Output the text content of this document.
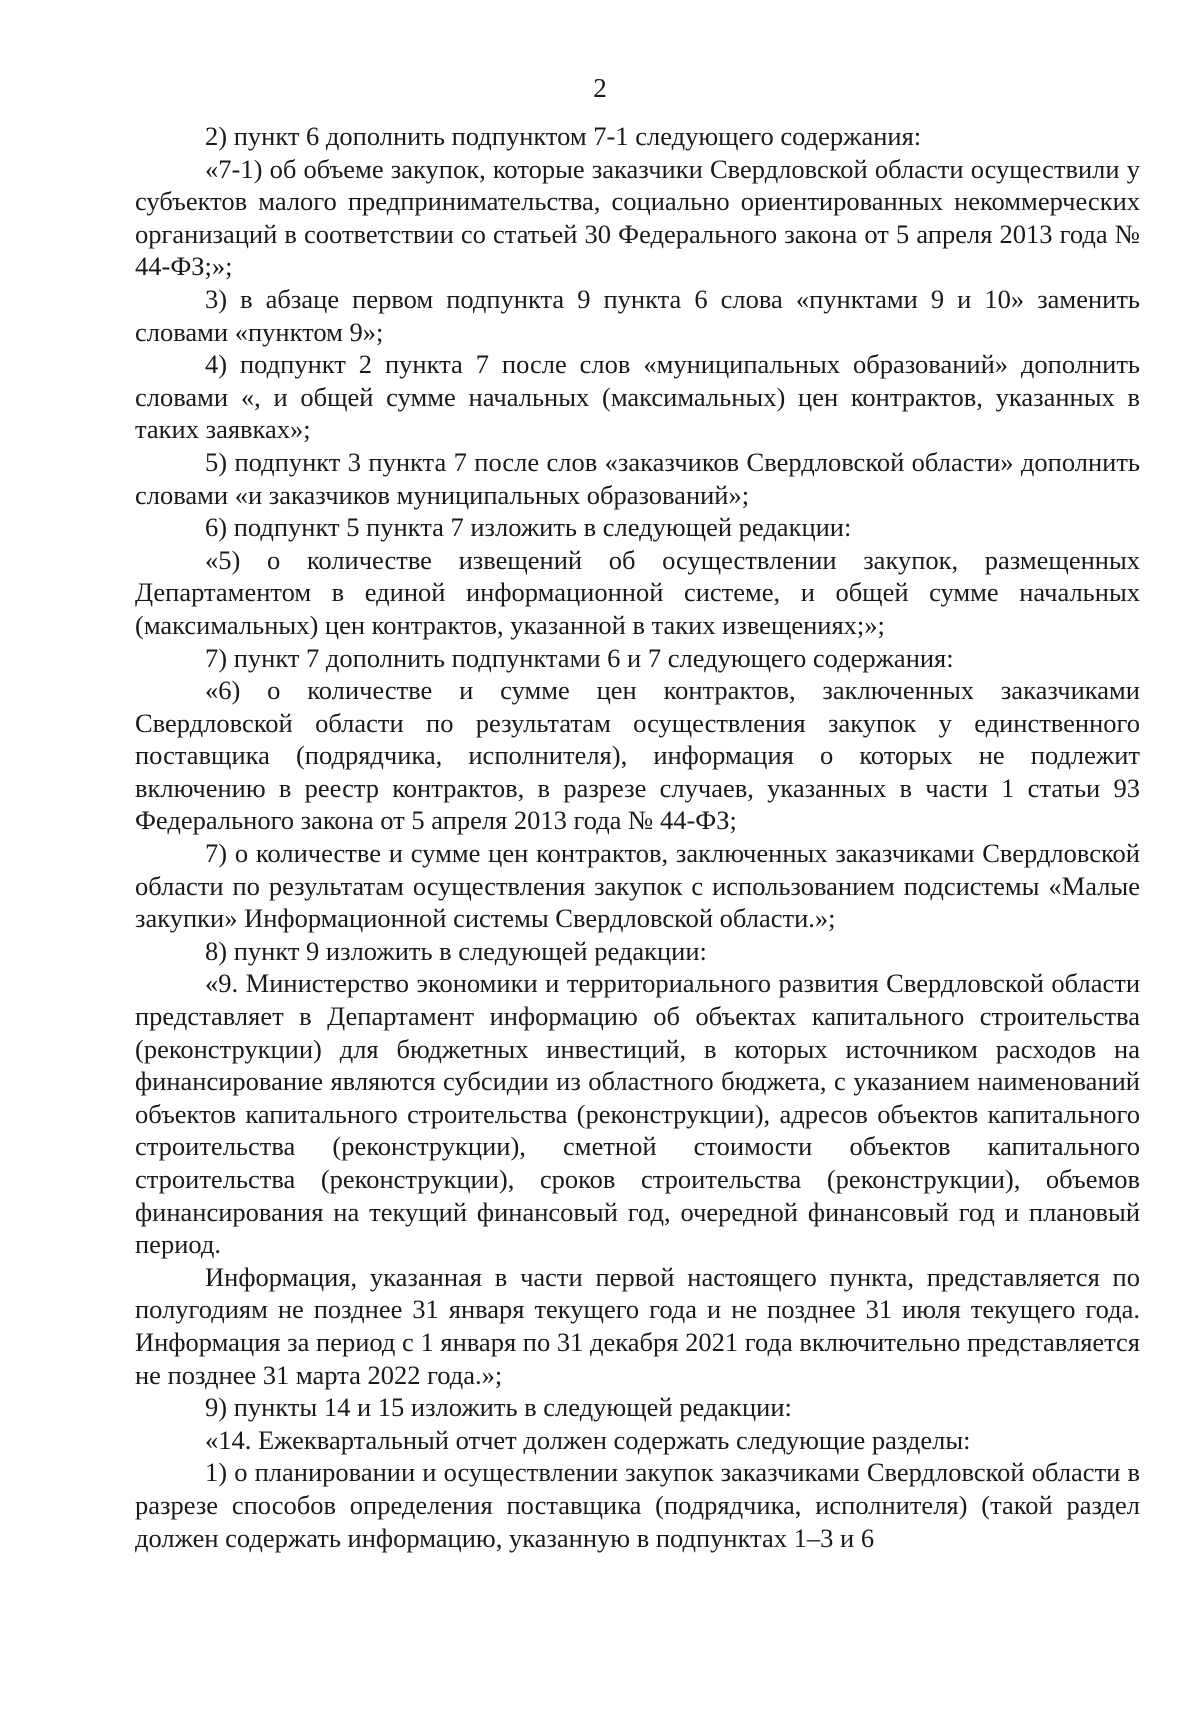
2

2) пункт 6 дополнить подпунктом 7-1 следующего содержания:

«7-1) об объеме закупок, которые заказчики Свердловской области осуществили у субъектов малого предпринимательства, социально ориентированных некоммерческих организаций в соответствии со статьей 30 Федерального закона от 5 апреля 2013 года № 44-ФЗ;»;

3) в абзаце первом подпункта 9 пункта 6 слова «пунктами 9 и 10» заменить словами «пунктом 9»;

4) подпункт 2 пункта 7 после слов «муниципальных образований» дополнить словами «, и общей сумме начальных (максимальных) цен контрактов, указанных в таких заявках»;

5) подпункт 3 пункта 7 после слов «заказчиков Свердловской области» дополнить словами «и заказчиков муниципальных образований»;

6) подпункт 5 пункта 7 изложить в следующей редакции:

«5) о количестве извещений об осуществлении закупок, размещенных Департаментом в единой информационной системе, и общей сумме начальных (максимальных) цен контрактов, указанной в таких извещениях;»;

7) пункт 7 дополнить подпунктами 6 и 7 следующего содержания:

«6) о количестве и сумме цен контрактов, заключенных заказчиками Свердловской области по результатам осуществления закупок у единственного поставщика (подрядчика, исполнителя), информация о которых не подлежит включению в реестр контрактов, в разрезе случаев, указанных в части 1 статьи 93 Федерального закона от 5 апреля 2013 года № 44-ФЗ;

7) о количестве и сумме цен контрактов, заключенных заказчиками Свердловской области по результатам осуществления закупок с использованием подсистемы «Малые закупки» Информационной системы Свердловской области.»;

8) пункт 9 изложить в следующей редакции:

«9. Министерство экономики и территориального развития Свердловской области представляет в Департамент информацию об объектах капитального строительства (реконструкции) для бюджетных инвестиций, в которых источником расходов на финансирование являются субсидии из областного бюджета, с указанием наименований объектов капитального строительства (реконструкции), адресов объектов капитального строительства (реконструкции), сметной стоимости объектов капитального строительства (реконструкции), сроков строительства (реконструкции), объемов финансирования на текущий финансовый год, очередной финансовый год и плановый период.

Информация, указанная в части первой настоящего пункта, представляется по полугодиям не позднее 31 января текущего года и не позднее 31 июля текущего года. Информация за период с 1 января по 31 декабря 2021 года включительно представляется не позднее 31 марта 2022 года.»;

9) пункты 14 и 15 изложить в следующей редакции:

«14. Ежеквартальный отчет должен содержать следующие разделы:

1) о планировании и осуществлении закупок заказчиками Свердловской области в разрезе способов определения поставщика (подрядчика, исполнителя) (такой раздел должен содержать информацию, указанную в подпунктах 1–3 и 6
